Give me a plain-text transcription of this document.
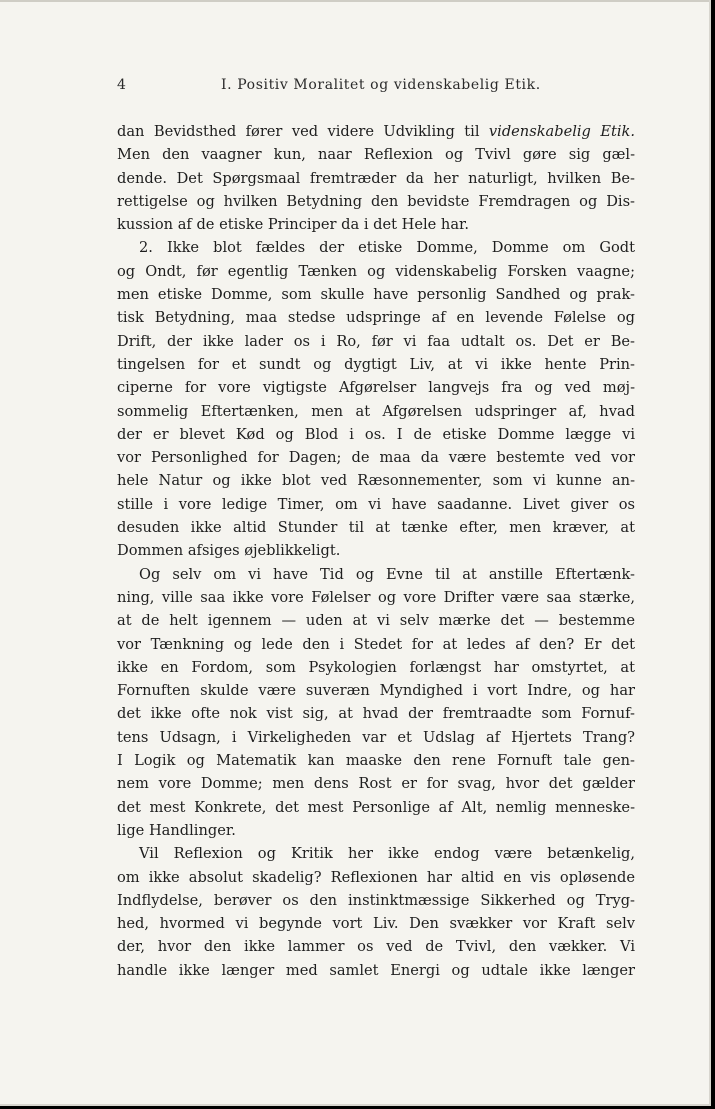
4	I. Positiv Moralitet og videnskabelig Etik.
dan Bevidsthed fører ved videre Udvikling til videnskabelig Etik.
Men den vaagner kun, naar Reflexion og Tvivl gøre sig gæl-
dende. Det Spørgsmaal fremtræder da her naturligt, hvilken Be-
rettigelse og hvilken Betydning den bevidste Fremdragen og Dis-
kussion af de etiske Principer da i det Hele har.
2. Ikke blot fældes der etiske Domme, Domme om Godt
og Ondt, før egentlig Tænken og videnskabelig Forsken vaagne;
men etiske Domme, som skulle have personlig Sandhed og prak-
tisk Betydning, maa stedse udspringe af en levende Følelse og
Drift, der ikke lader os i Ro, før vi faa udtalt os. Det er Be-
tingelsen for et sundt og dygtigt Liv, at vi ikke hente Prin-
ciperne for vore vigtigste Afgørelser langvejs fra og ved møj-
sommelig Eftertænken, men at Afgørelsen udspringer af, hvad
der er blevet Kød og Blod i os. I de etiske Domme lægge vi
vor Personlighed for Dagen; de maa da være bestemte ved vor
hele Natur og ikke blot ved Ræsonnementer, som vi kunne an-
stille i vore ledige Timer, om vi have saadanne. Livet giver os
desuden ikke altid Stunder til at tænke efter, men kræver, at
Dommen afsiges øjeblikkeligt.
Og selv om vi have Tid og Evne til at anstille Eftertænk-
ning, ville saa ikke vore Følelser og vore Drifter være saa stærke,
at de helt igennem — uden at vi selv mærke det — bestemme
vor Tænkning og lede den i Stedet for at ledes af den? Er det
ikke en Fordom, som Psykologien forlængst har omstyrtet, at
Fornuften skulde være suveræn Myndighed i vort Indre, og har
det ikke ofte nok vist sig, at hvad der fremtraadte som Fornuf-
tens Udsagn, i Virkeligheden var et Udslag af Hjertets Trang?
I Logik og Matematik kan maaske den rene Fornuft tale gen-
nem vore Domme; men dens Rost er for svag, hvor det gælder
det mest Konkrete, det mest Personlige af Alt, nemlig menneske-
lige Handlinger.
Vil Reflexion og Kritik her ikke endog være betænkelig,
om ikke absolut skadelig? Reflexionen har altid en vis opløsende
Indflydelse, berøver os den instinktmæssige Sikkerhed og Tryg-
hed, hvormed vi begynde vort Liv. Den svækker vor Kraft selv
der, hvor den ikke lammer os ved de Tvivl, den vækker. Vi
handle ikke længer med samlet Energi og udtale ikke længer
